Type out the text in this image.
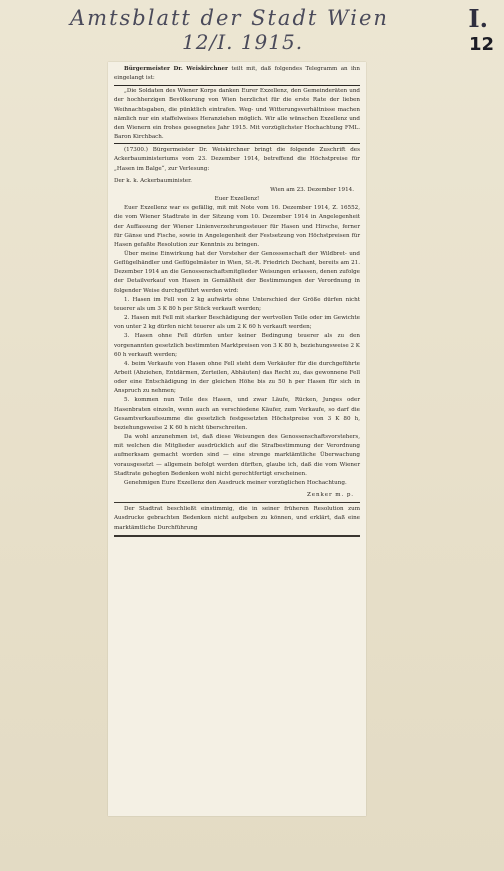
Amtsblatt der Stadt Wien
12/I. 1915.
I.
12

Bürgermeister Dr. Weiskirchner teilt mit, daß folgendes Telegramm an ihn eingelangt ist:

„Die Soldaten des Wiener Korps danken Eurer Exzellenz, den Gemeinderäten und der hochherzigen Bevölkerung von Wien herzlichst für die erste Rate der lieben Weihnachtsgaben, die pünktlich eintrafen. Weg- und Witterungsverhältnisse machen nämlich nur ein staffelweises Heranziehen möglich. Wir alle wünschen Exzellenz und den Wienern ein frohes gesegnetes Jahr 1915. Mit vorzüglichster Hochachtung FML. Baron Kirchbach.

(17300.) Bürgermeister Dr. Weiskirchner bringt die folgende Zuschrift des Ackerbauministeriums vom 23. Dezember 1914, betreffend die Höchstpreise für „Hasen im Balge“, zur Verlesung:

Der k. k. Ackerbauminister.

Wien am 23. Dezember 1914.

Euer Exzellenz!

Euer Exzellenz war es gefällig, mit mit Note vom 16. Dezember 1914, Z. 16552, die vom Wiener Stadtrate in der Sitzung vom 10. Dezember 1914 in Angelegenheit der Auffassung der Wiener Linienverzehrungssteuer für Hasen und Hirsche, ferner für Gänse und Fische, sowie in Angelegenheit der Festsetzung von Höchstpreisen für Hasen gefaßte Resolution zur Kenntnis zu bringen.

Über meine Einwirkung hat der Vorsteher der Genossenschaft der Wildbret- und Geflügelhändler und Geflügelmäster in Wien, St.-R. Friedrich Dechant, bereits am 21. Dezember 1914 an die Genossenschaftsmitglieder Weisungen erlassen, denen zufolge der Detailverkauf von Hasen in Gemäßheit der Bestimmungen der Verordnung in folgender Weise durchgeführt werden wird:

1. Hasen im Fell von 2 kg aufwärts ohne Unterschied der Größe dürfen nicht teuerer als um 3 K 80 h per Stück verkauft werden;

2. Hasen mit Fell mit starker Beschädigung der wertvollen Teile oder im Gewichte von unter 2 kg dürfen nicht teuerer als um 2 K 60 h verkauft werden;

3. Hasen ohne Fell dürfen unter keiner Bedingung teuerer als zu den vorgenannten gesetzlich bestimmten Marktpreisen von 3 K 80 h, beziehungsweise 2 K 60 h verkauft werden;

4. beim Verkaufe von Hasen ohne Fell steht dem Verkäufer für die durchgeführte Arbeit (Abziehen, Entdärmen, Zerteilen, Abhäuten) das Recht zu, das gewonnene Fell oder eine Entschädigung in der gleichen Höhe bis zu 50 h per Hasen für sich in Anspruch zu nehmen;

5. kommen nun Teile des Hasen, und zwar Läufe, Rücken, Junges oder Hasenbraten einzeln, wenn auch an verschiedene Käufer, zum Verkaufe, so darf die Gesamtverkaufssumme die gesetzlich festgesetzten Höchstpreise von 3 K 80 h, beziehungsweise 2 K 60 h nicht überschreiten.

Da wohl anzunehmen ist, daß diese Weisungen des Genossenschaftsvorstehers, mit welchen die Mitglieder ausdrücklich auf die Strafbestimmung der Verordnung aufmerksam gemacht worden sind — eine strenge marktämtliche Überwachung vorausgesetzt — allgemein befolgt werden dürften, glaube ich, daß die vom Wiener Stadtrate gehegten Bedenken wohl nicht gerechtfertigt erscheinen.

Genehmigen Eure Exzellenz den Ausdruck meiner vorzüglichen Hochachtung.

Zenker m. p.

Der Stadtrat beschließt einstimmig, die in seiner früheren Resolution zum Ausdrucke gebrachten Bedenken nicht aufgeben zu können, und erklärt, daß eine marktämtliche Durchführung
